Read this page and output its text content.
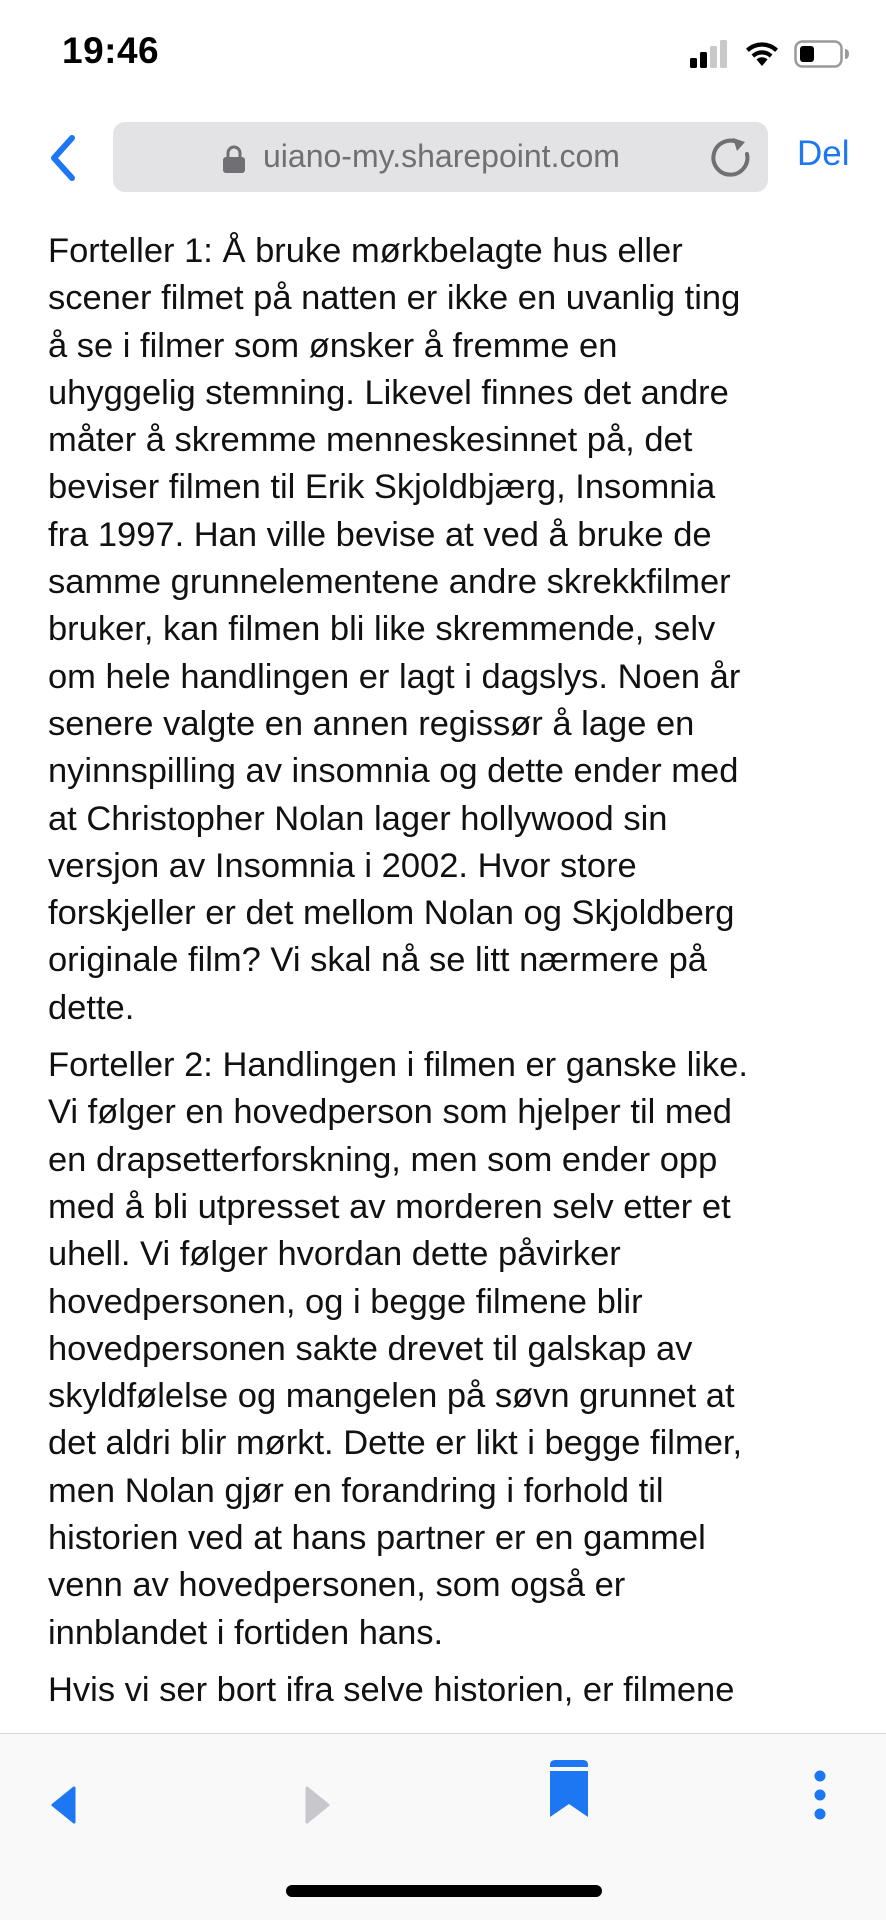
19:46
uiano-my.sharepoint.com	Del

Forteller 1: Å bruke mørkbelagte hus eller
scener filmet på natten er ikke en uvanlig ting
å se i filmer som ønsker å fremme en
uhyggelig stemning. Likevel finnes det andre
måter å skremme menneskesinnet på, det
beviser filmen til Erik Skjoldbjærg, Insomnia
fra 1997. Han ville bevise at ved å bruke de
samme grunnelementene andre skrekkfilmer
bruker, kan filmen bli like skremmende, selv
om hele handlingen er lagt i dagslys. Noen år
senere valgte en annen regissør å lage en
nyinnspilling av insomnia og dette ender med
at Christopher Nolan lager hollywood sin
versjon av Insomnia i 2002. Hvor store
forskjeller er det mellom Nolan og Skjoldberg
originale film? Vi skal nå se litt nærmere på
dette.

Forteller 2: Handlingen i filmen er ganske like.
Vi følger en hovedperson som hjelper til med
en drapsetterforskning, men som ender opp
med å bli utpresset av morderen selv etter et
uhell. Vi følger hvordan dette påvirker
hovedpersonen, og i begge filmene blir
hovedpersonen sakte drevet til galskap av
skyldfølelse og mangelen på søvn grunnet at
det aldri blir mørkt. Dette er likt i begge filmer,
men Nolan gjør en forandring i forhold til
historien ved at hans partner er en gammel
venn av hovedpersonen, som også er
innblandet i fortiden hans.

Hvis vi ser bort ifra selve historien, er filmene
